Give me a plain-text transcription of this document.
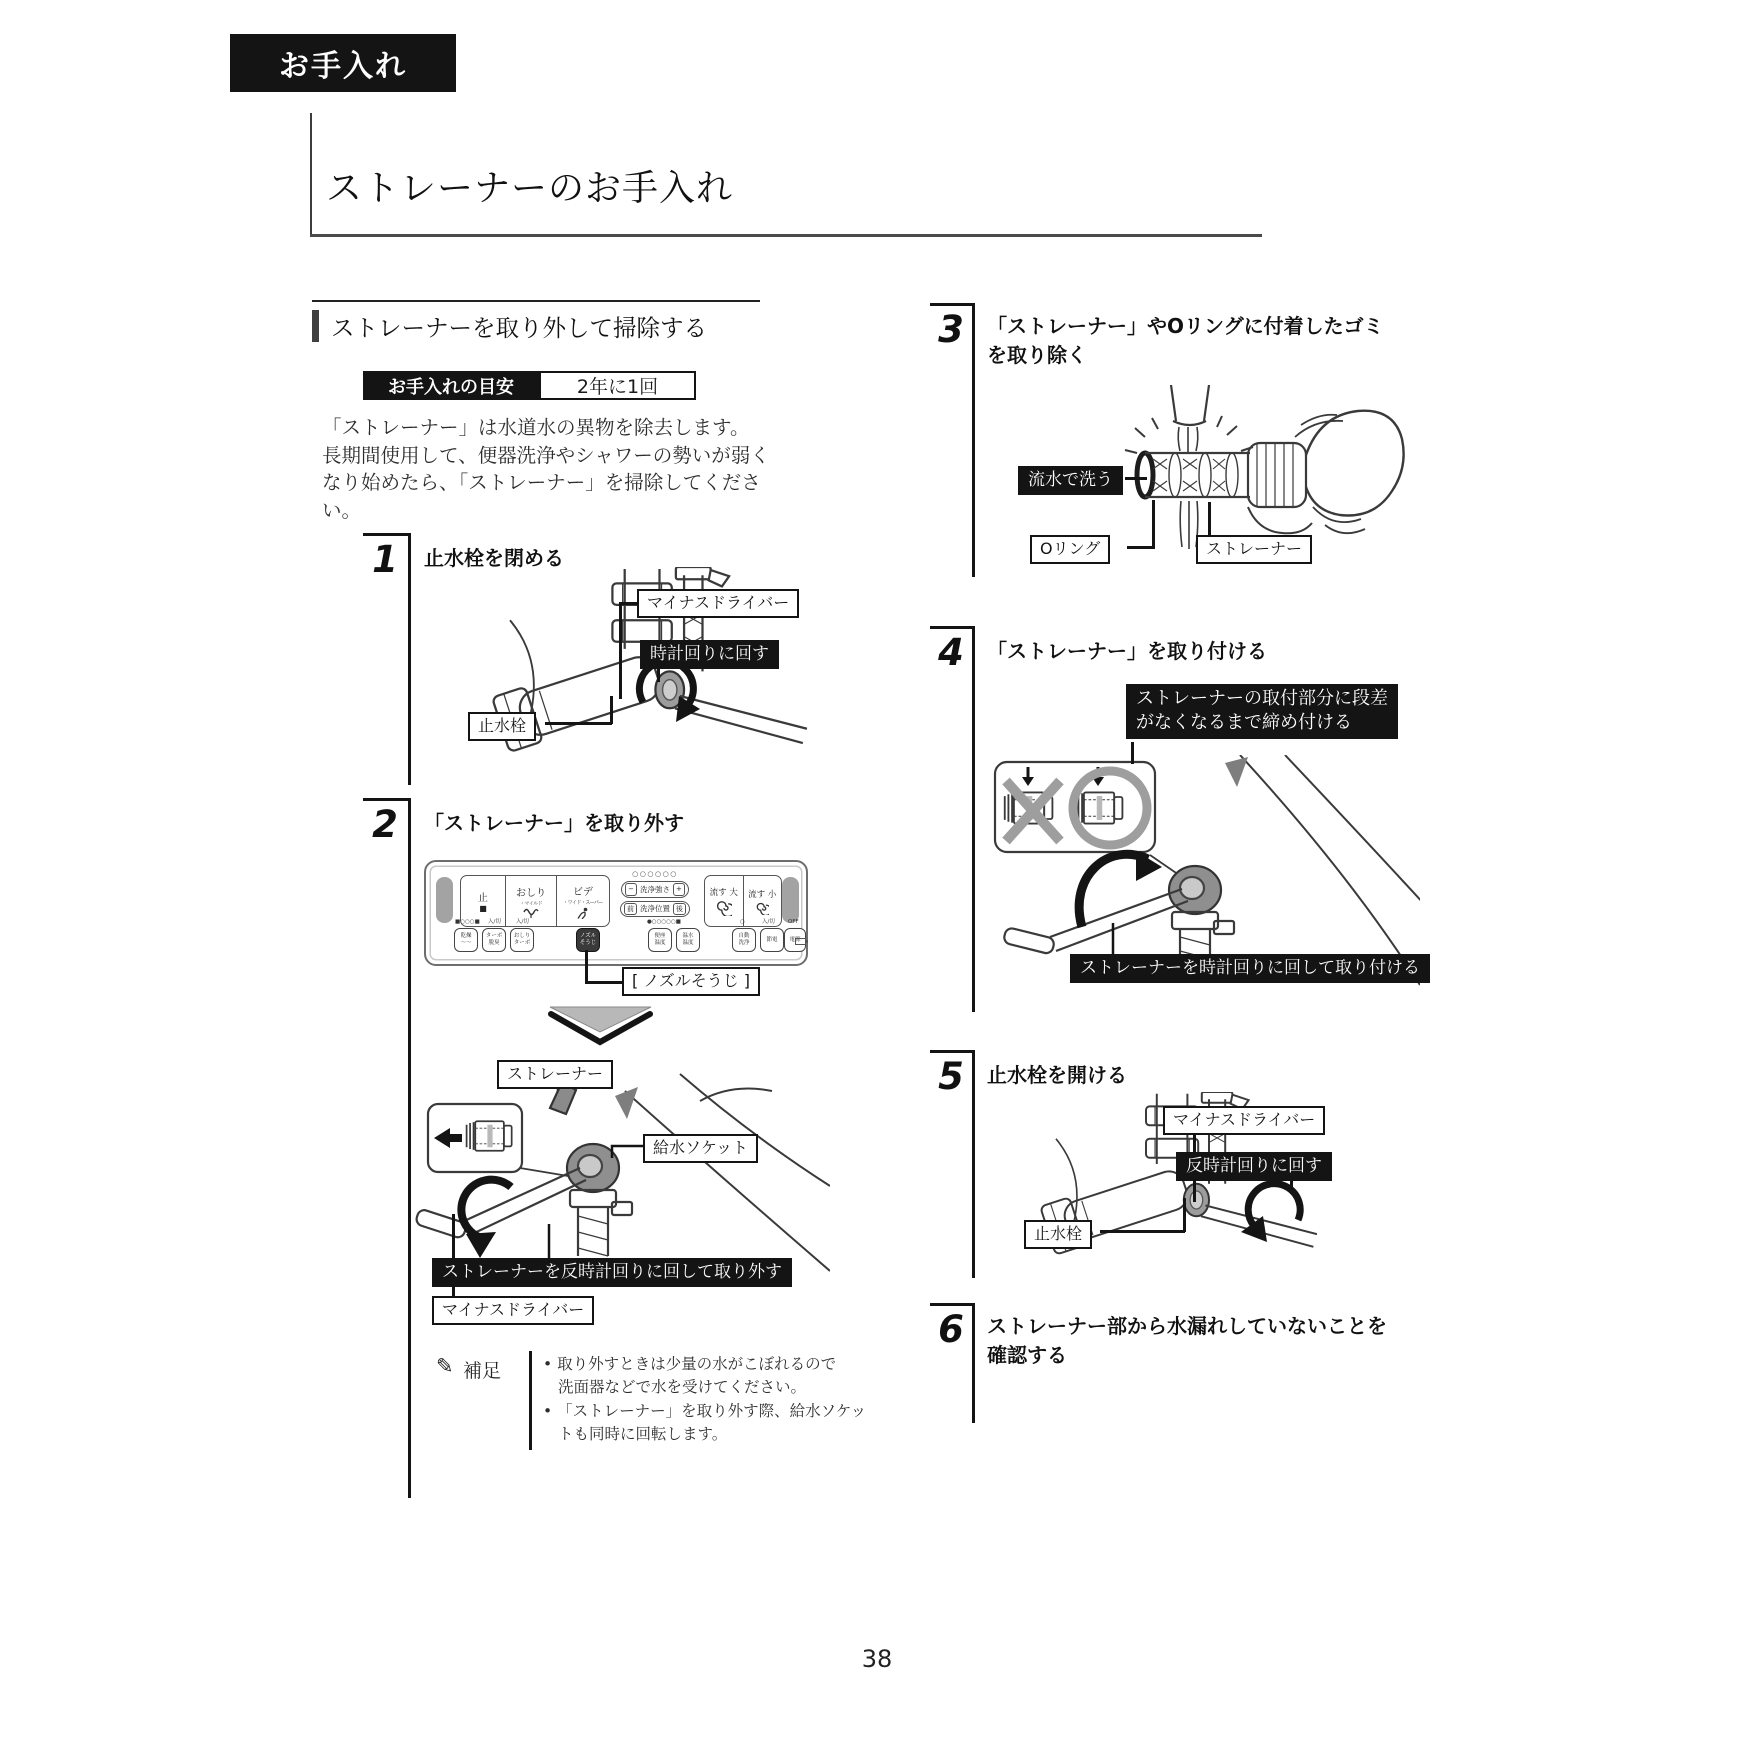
お手入れ
ストレーナーのお手入れ
ストレーナーを取り外して掃除する
お手入れの目安	2年に1回
「ストレーナー」は水道水の異物を除去します。
長期間使用して、便器洗浄やシャワーの勢いが弱く
なり始めたら、「ストレーナー」を掃除してください。
1	止水栓を閉める
マイナスドライバー
時計回りに回す
止水栓
2	「ストレーナー」を取り外す
止
■
おしり
・マイルド
ビデ
・ワイド・スーパー
○○○○○○
− 洗浄強さ +
前 洗浄位置 後
流す 大 流す 小
■○○○■ 入/切	入/切	●○○○○○■	○	入/切 OFF
乾燥
〜〜
ターボ
脱臭
おしり
ターボ
ノズル
そうじ
便座
温度
温水
温度
自動
洗浄
節電 電源
[ ノズルそうじ ]
ストレーナー
給水ソケット
ストレーナーを反時計回りに回して取り外す
マイナスドライバー
✎ 補足	• 取り外すときは少量の水がこぼれるので
洗面器などで水を受けてください。
• 「ストレーナー」を取り外す際、給水ソケッ
トも同時に回転します。
3	「ストレーナー」やOリングに付着したゴミ
を取り除く
流水で洗う
Oリング	ストレーナー
4	「ストレーナー」を取り付ける
ストレーナーの取付部分に段差
がなくなるまで締め付ける
ストレーナーを時計回りに回して取り付ける
5	止水栓を開ける
マイナスドライバー
反時計回りに回す
止水栓
6	ストレーナー部から水漏れしていないことを
確認する
38
